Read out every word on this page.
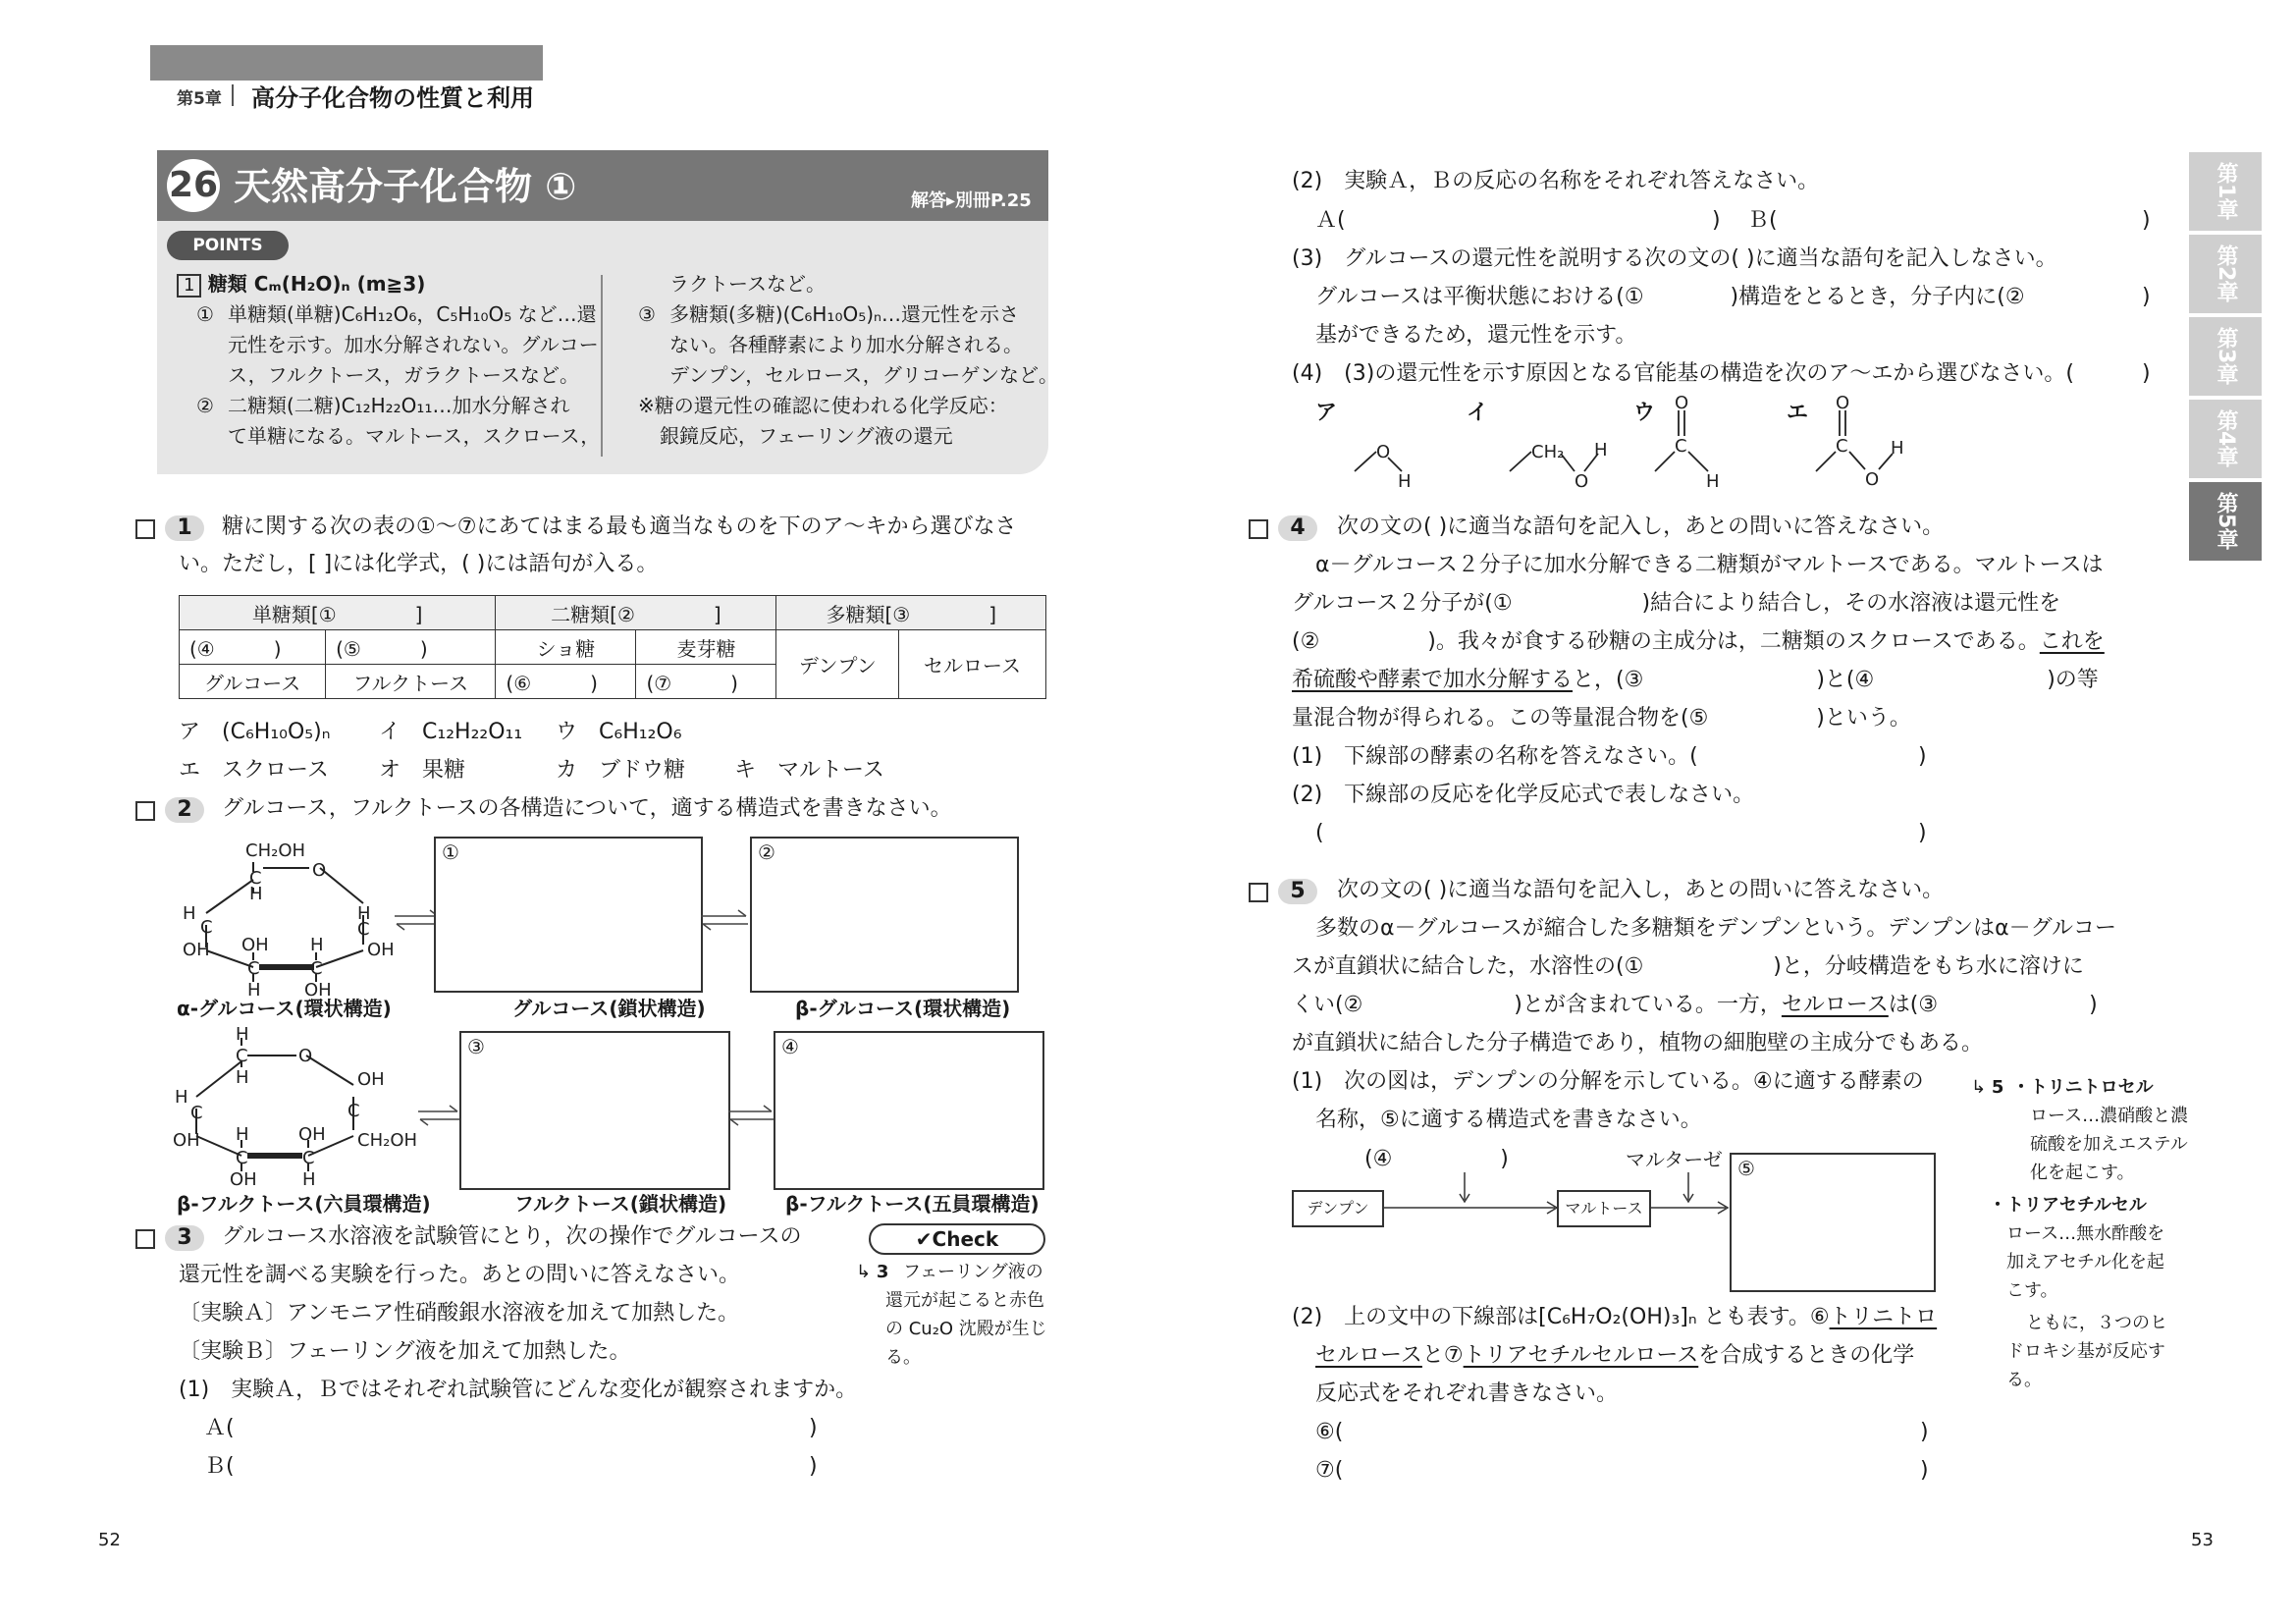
第5章 高分子化合物の性質と利用
26 天然高分子化合物 ①	解答▸別冊P.25
POINTS
1 糖類 Cₘ(H₂O)ₙ (m≧3)
① 単糖類(単糖)C₆H₁₂O₆，C₅H₁₀O₅ など…還
元性を示す。加水分解されない。グルコー
ス，フルクトース，ガラクトースなど。
② 二糖類(二糖)C₁₂H₂₂O₁₁…加水分解され
て単糖になる。マルトース，スクロース，
ラクトースなど。
③ 多糖類(多糖)(C₆H₁₀O₅)ₙ…還元性を示さ
ない。各種酵素により加水分解される。
デンプン，セルロース，グリコーゲンなど。
※糖の還元性の確認に使われる化学反応：
銀鏡反応，フェーリング液の還元
1	糖に関する次の表の①～⑦にあてはまる最も適当なものを下のア～キから選びなさ
い。ただし，[ ]には化学式，( )には語句が入る。
単糖類[①　　　　]		二糖類[②　　　　]		多糖類[③　　　　]	
(④　　　)	(⑤　　　)	ショ糖	麦芽糖	デンプン	セルロース
グルコース	フルクトース	(⑥　　　)	(⑦　　　)		
ア　 (C₆H₁₀O₅)ₙ イ　 C₁₂H₂₂O₁₁ ウ　 C₆H₁₂O₆
エ　 スクロース オ　 果糖	カ　 ブドウ糖 キ　 マルトース
2	グルコース，フルクトースの各構造について，適する構造式を書きなさい。
CH₂OH
C	O
H
H
C
H
C
OH OH
C
H
C
OH
H OH
①	②
α-グルコース(環状構造)	グルコース(鎖状構造)	β-グルコース(環状構造)
H
C	O
H
H
C
OH
C
OH H
C
OH
C
CH₂OH
OH	H
③	④
β-フルクトース(六員環構造)	フルクトース(鎖状構造)	β-フルクトース(五員環構造)
3	グルコース水溶液を試験管にとり，次の操作でグルコースの
還元性を調べる実験を行った。あとの問いに答えなさい。
〔実験Ａ〕アンモニア性硝酸銀水溶液を加えて加熱した。
〔実験Ｂ〕フェーリング液を加えて加熱した。
(1)　実験Ａ，Ｂではそれぞれ試験管にどんな変化が観察されますか。
Ａ(	)
Ｂ(	)
✔Check
↳ 3 フェーリング液の
還元が起こると赤色
の Cu₂O 沈殿が生じ
る。
52
(2)　実験Ａ，Ｂの反応の名称をそれぞれ答えなさい。
Ａ(	) Ｂ(	)
(3)　グルコースの還元性を説明する次の文の( )に適当な語句を記入しなさい。
グルコースは平衡状態における(①　　　　)構造をとるとき，分子内に(②	)
基ができるため，還元性を示す。
(4)　(3)の還元性を示す原因となる官能基の構造を次のア～エから選びなさい。(	)
ア	イ	ウ	エ
O
H
CH₂ H
O
O
C
H
O
C
O
H
4	次の文の( )に適当な語句を記入し，あとの問いに答えなさい。
α－グルコース２分子に加水分解できる二糖類がマルトースである。マルトースは
グルコース２分子が(①　　　　　　)結合により結合し，その水溶液は還元性を
(②　　　　　)。我々が食する砂糖の主成分は，二糖類のスクロースである。これを
希硫酸や酵素で加水分解すると，(③　　　　　　　　)と(④　　　　　　　　)の等
量混合物が得られる。この等量混合物を(⑤　　　　　)という。
(1)　下線部の酵素の名称を答えなさい。(	)
(2)　下線部の反応を化学反応式で表しなさい。
(	)
5	次の文の( )に適当な語句を記入し，あとの問いに答えなさい。
多数のα－グルコースが縮合した多糖類をデンプンという。デンプンはα－グルコー
スが直鎖状に結合した，水溶性の(①　　　　　　)と，分岐構造をもち水に溶けに
くい(②　　　　　　　)とが含まれている。一方，セルロースは(③　　　　　　　)
が直鎖状に結合した分子構造であり，植物の細胞壁の主成分でもある。
(1)　次の図は，デンプンの分解を示している。④に適する酵素の
名称，⑤に適する構造式を書きなさい。
(④　　　　　)	マルターゼ
デンプン	マルトース
⑤
(2)　上の文中の下線部は[C₆H₇O₂(OH)₃]ₙ とも表す。⑥トリニトロ
セルロースと⑦トリアセチルセルロースを合成するときの化学
反応式をそれぞれ書きなさい。
⑥(	)
⑦(	)
↳ 5 ・トリニトロセル
ロース…濃硝酸と濃
硫酸を加えエステル
化を起こす。
・トリアセチルセル
ロース…無水酢酸を
加えアセチル化を起
こす。
ともに，３つのヒ
ドロキシ基が反応す
る。
第1章
第2章
第3章
第4章
第5章
53
